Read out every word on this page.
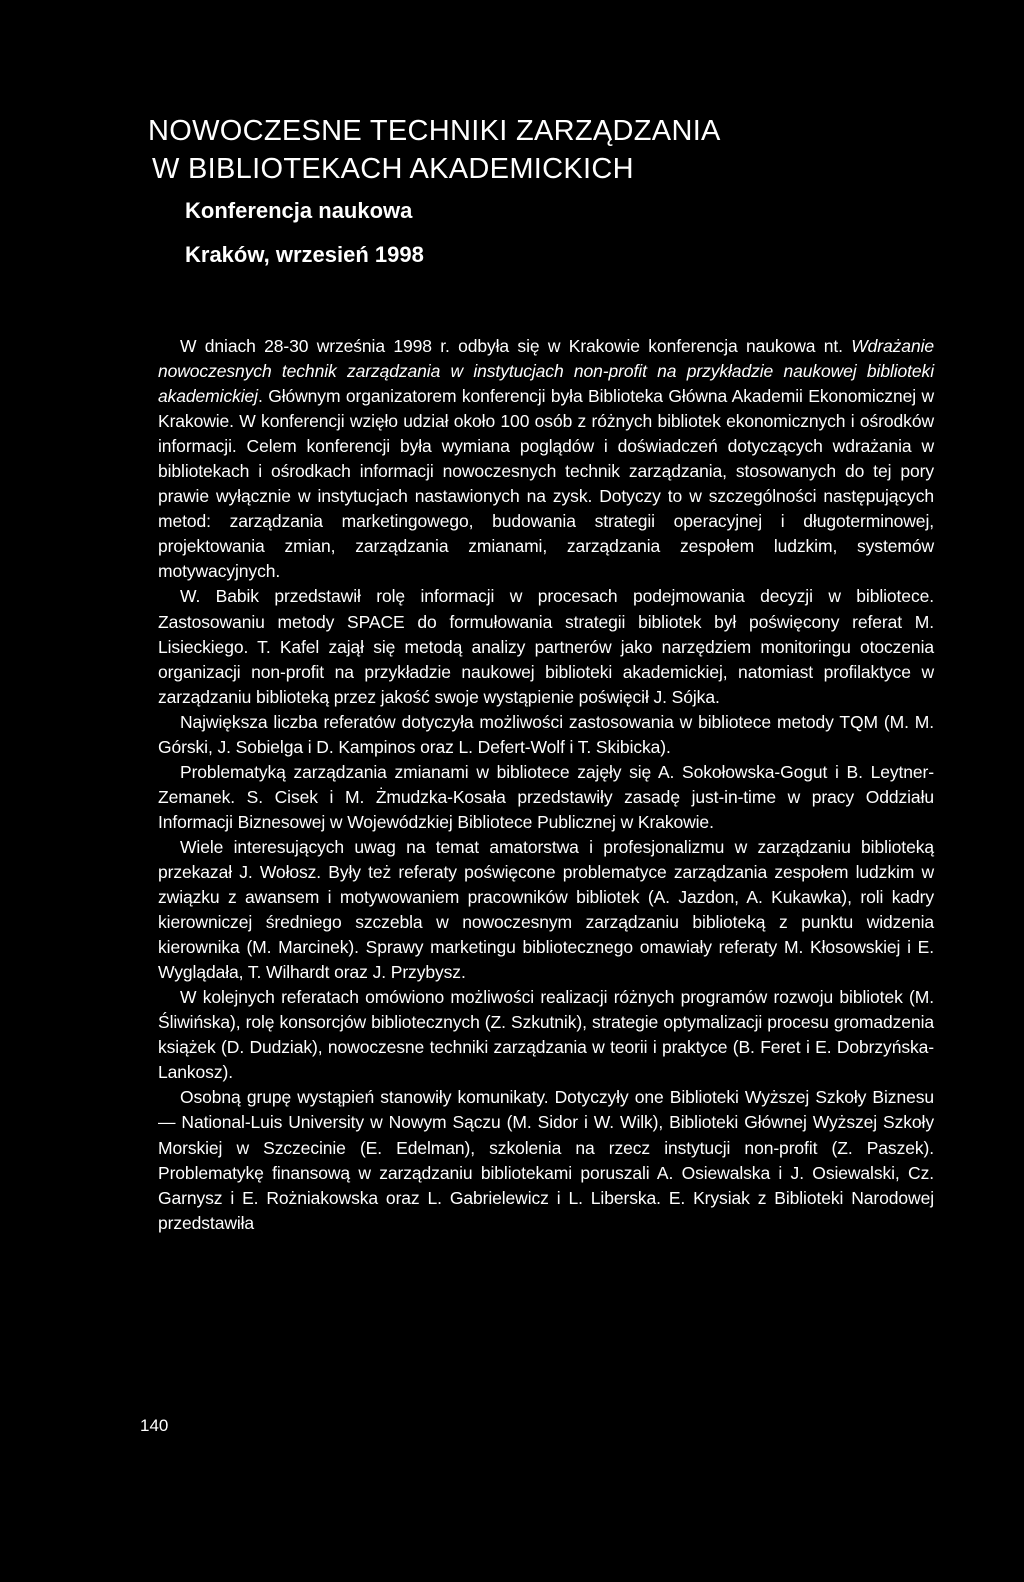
NOWOCZESNE TECHNIKI ZARZĄDZANIA
W BIBLIOTEKACH AKADEMICKICH
Konferencja naukowa
Kraków, wrzesień 1998

W dniach 28-30 września 1998 r. odbyła się w Krakowie konferencja naukowa nt. Wdrażanie nowoczesnych technik zarządzania w instytucjach non-profit na przykładzie naukowej biblioteki akademickiej. Głównym organizatorem konferencji była Biblioteka Główna Akademii Ekonomicznej w Krakowie. W konferencji wzięło udział około 100 osób z różnych bibliotek ekonomicznych i ośrodków informacji. Celem konferencji była wymiana poglądów i doświadczeń dotyczących wdrażania w bibliotekach i ośrodkach informacji nowoczesnych technik zarządzania, stosowanych do tej pory prawie wyłącznie w instytucjach nastawionych na zysk. Dotyczy to w szczególności następujących metod: zarządzania marketingowego, budowania strategii operacyjnej i długoterminowej, projektowania zmian, zarządzania zmianami, zarządzania zespołem ludzkim, systemów motywacyjnych.

W. Babik przedstawił rolę informacji w procesach podejmowania decyzji w bibliotece. Zastosowaniu metody SPACE do formułowania strategii bibliotek był poświęcony referat M. Lisieckiego. T. Kafel zajął się metodą analizy partnerów jako narzędziem monitoringu otoczenia organizacji non-profit na przykładzie naukowej biblioteki akademickiej, natomiast profilaktyce w zarządzaniu biblioteką przez jakość swoje wystąpienie poświęcił J. Sójka.

Największa liczba referatów dotyczyła możliwości zastosowania w bibliotece metody TQM (M. M. Górski, J. Sobielga i D. Kampinos oraz L. Defert-Wolf i T. Skibicka).

Problematyką zarządzania zmianami w bibliotece zajęły się A. Sokołowska-Gogut i B. Leytner-Zemanek. S. Cisek i M. Żmudzka-Kosała przedstawiły zasadę just-in-time w pracy Oddziału Informacji Biznesowej w Wojewódzkiej Bibliotece Publicznej w Krakowie.

Wiele interesujących uwag na temat amatorstwa i profesjonalizmu w zarządzaniu biblioteką przekazał J. Wołosz. Były też referaty poświęcone problematyce zarządzania zespołem ludzkim w związku z awansem i motywowaniem pracowników bibliotek (A. Jazdon, A. Kukawka), roli kadry kierowniczej średniego szczebla w nowoczesnym zarządzaniu biblioteką z punktu widzenia kierownika (M. Marcinek). Sprawy marketingu bibliotecznego omawiały referaty M. Kłosowskiej i E. Wyglądała, T. Wilhardt oraz J. Przybysz.

W kolejnych referatach omówiono możliwości realizacji różnych programów rozwoju bibliotek (M. Śliwińska), rolę konsorcjów bibliotecznych (Z. Szkutnik), strategie optymalizacji procesu gromadzenia książek (D. Dudziak), nowoczesne techniki zarządzania w teorii i praktyce (B. Feret i E. Dobrzyńska-Lankosz).

Osobną grupę wystąpień stanowiły komunikaty. Dotyczyły one Biblioteki Wyższej Szkoły Biznesu — National-Luis University w Nowym Sączu (M. Sidor i W. Wilk), Biblioteki Głównej Wyższej Szkoły Morskiej w Szczecinie (E. Edelman), szkolenia na rzecz instytucji non-profit (Z. Paszek). Problematykę finansową w zarządzaniu bibliotekami poruszali A. Osiewalska i J. Osiewalski, Cz. Garnysz i E. Rożniakowska oraz L. Gabrielewicz i L. Liberska. E. Krysiak z Biblioteki Narodowej przedstawiła

140
